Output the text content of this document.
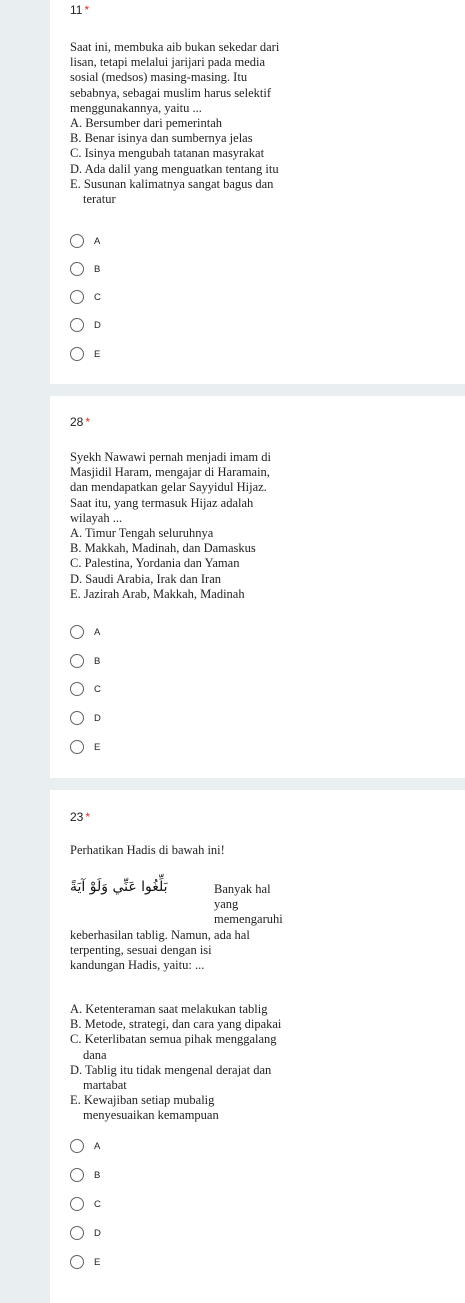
11 *
Saat ini, membuka aib bukan sekedar dari
lisan, tetapi melalui jarijari pada media
sosial (medsos) masing-masing. Itu
sebabnya, sebagai muslim harus selektif
menggunakannya, yaitu ...
A. Bersumber dari pemerintah
B. Benar isinya dan sumbernya jelas
C. Isinya mengubah tatanan masyrakat
D. Ada dalil yang menguatkan tentang itu
E. Susunan kalimatnya sangat bagus dan
teratur
A
B
C
D
E
28 *
Syekh Nawawi pernah menjadi imam di
Masjidil Haram, mengajar di Haramain,
dan mendapatkan gelar Sayyidul Hijaz.
Saat itu, yang termasuk Hijaz adalah
wilayah ...
A. Timur Tengah seluruhnya
B. Makkah, Madinah, dan Damaskus
C. Palestina, Yordania dan Yaman
D. Saudi Arabia, Irak dan Iran
E. Jazirah Arab, Makkah, Madinah
A
B
C
D
E
23 *
Perhatikan Hadis di bawah ini!
بَلِّغُوا عَنِّي وَلَوْ آيَةً	Banyak hal
yang
memengaruhi
keberhasilan tablig. Namun, ada hal
terpenting, sesuai dengan isi
kandungan Hadis, yaitu: ...
A. Ketenteraman saat melakukan tablig
B. Metode, strategi, dan cara yang dipakai
C. Keterlibatan semua pihak menggalang
dana
D. Tablig itu tidak mengenal derajat dan
martabat
E. Kewajiban setiap mubalig
menyesuaikan kemampuan
A
B
C
D
E
